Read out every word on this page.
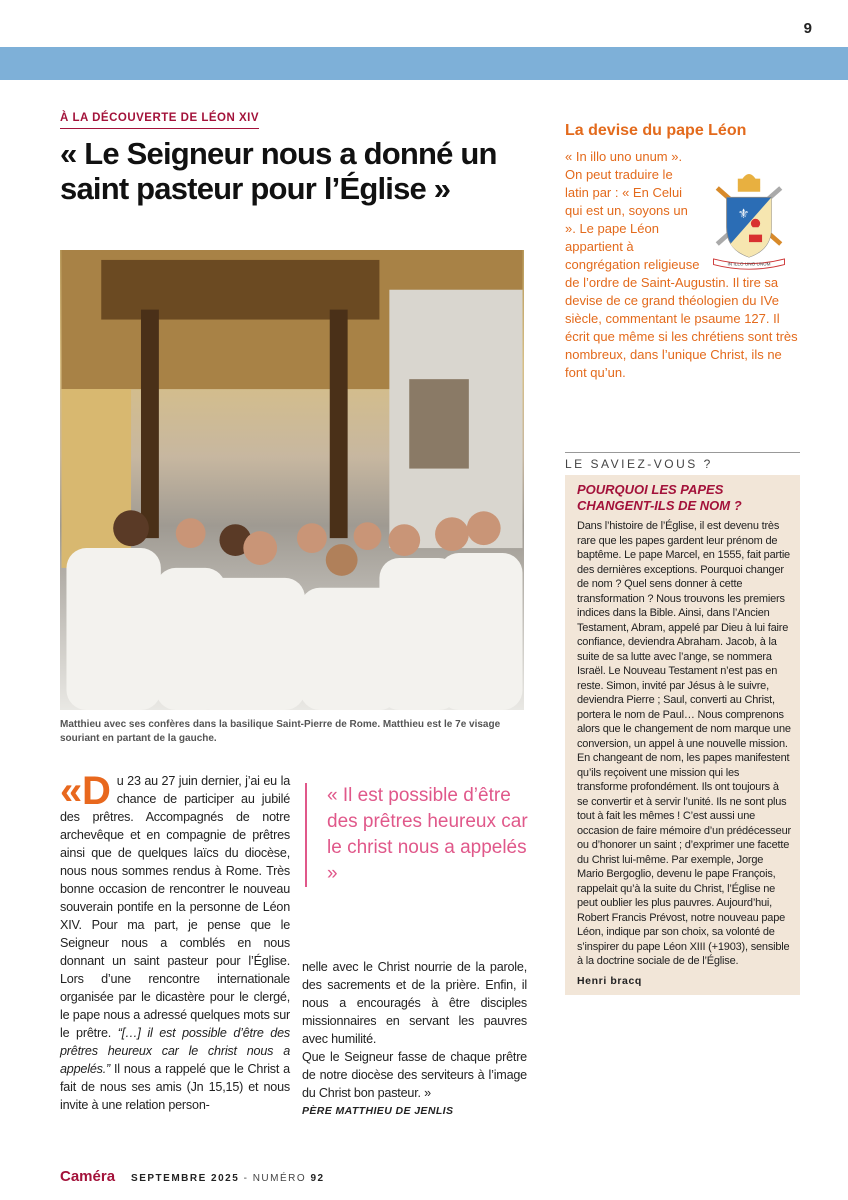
9
À LA DÉCOUVERTE DE LÉON XIV
« Le Seigneur nous a donné un saint pasteur pour l’Église »
Matthieu avec ses confères dans la basilique Saint-Pierre de Rome. Matthieu est le 7e visage souriant en partant de la gauche.
«D u 23 au 27 juin dernier, j’ai eu la chance de participer au jubilé des prêtres. Accompagnés de notre archevêque et en compagnie de prêtres ainsi que de quelques laïcs du diocèse, nous nous sommes rendus à Rome. Très bonne occasion de rencontrer le nouveau souverain pontife en la personne de Léon XIV. Pour ma part, je pense que le Seigneur nous a comblés en nous donnant un saint pasteur pour l’Église. Lors d’une rencontre internationale organisée par le dicastère pour le clergé, le pape nous a adressé quelques mots sur le prêtre. “[…] il est possible d’être des prêtres heureux car le christ nous a appelés.” Il nous a rappelé que le Christ a fait de nous ses amis (Jn 15,15) et nous invite à une relation person-
« Il est possible d’être des prêtres heureux car le christ nous a appelés »

nelle avec le Christ nourrie de la parole, des sacrements et de la prière. Enfin, il nous a encouragés à être disciples missionnaires en servant les pauvres avec humilité.

Que le Seigneur fasse de chaque prêtre de notre diocèse des serviteurs à l’image du Christ bon pasteur. »

PÈRE MATTHIEU DE JENLIS

La devise du pape Léon
⚜
IN ILLO UNO UNUM
« In illo uno unum ». On peut traduire le latin par : « En Celui qui est un, soyons un ». Le pape Léon appartient à congrégation religieuse de l’ordre de Saint-Augustin. Il tire sa devise de ce grand théologien du IVe siècle, commentant le psaume 127. Il écrit que même si les chrétiens sont très nombreux, dans l’unique Christ, ils ne font qu’un.
LE SAVIEZ-VOUS ?
POURQUOI LES PAPES CHANGENT-ILS DE NOM ?
Dans l’histoire de l’Église, il est devenu très rare que les papes gardent leur prénom de baptême. Le pape Marcel, en 1555, fait partie des dernières exceptions. Pourquoi changer de nom ? Quel sens donner à cette transformation ? Nous trouvons les premiers indices dans la Bible. Ainsi, dans l’Ancien Testament, Abram, appelé par Dieu à lui faire confiance, deviendra Abraham. Jacob, à la suite de sa lutte avec l’ange, se nommera Israël. Le Nouveau Testament n’est pas en reste. Simon, invité par Jésus à le suivre, deviendra Pierre ; Saul, converti au Christ, portera le nom de Paul… Nous comprenons alors que le changement de nom marque une conversion, un appel à une nouvelle mission. En changeant de nom, les papes manifestent qu’ils reçoivent une mission qui les transforme profondément. Ils ont toujours à se convertir et à servir l’unité. Ils ne sont plus tout à fait les mêmes ! C’est aussi une occasion de faire mémoire d’un prédécesseur ou d’honorer un saint ; d’exprimer une facette du Christ lui-même. Par exemple, Jorge Mario Bergoglio, devenu le pape François, rappelait qu’à la suite du Christ, l’Église ne peut oublier les plus pauvres. Aujourd’hui, Robert Francis Prévost, notre nouveau pape Léon, indique par son choix, sa volonté de s’inspirer du pape Léon XIII (+1903), sensible à la doctrine sociale de de l’Église.
Henri bracq
Caméra SEPTEMBRE 2025 - NUMÉRO 92
